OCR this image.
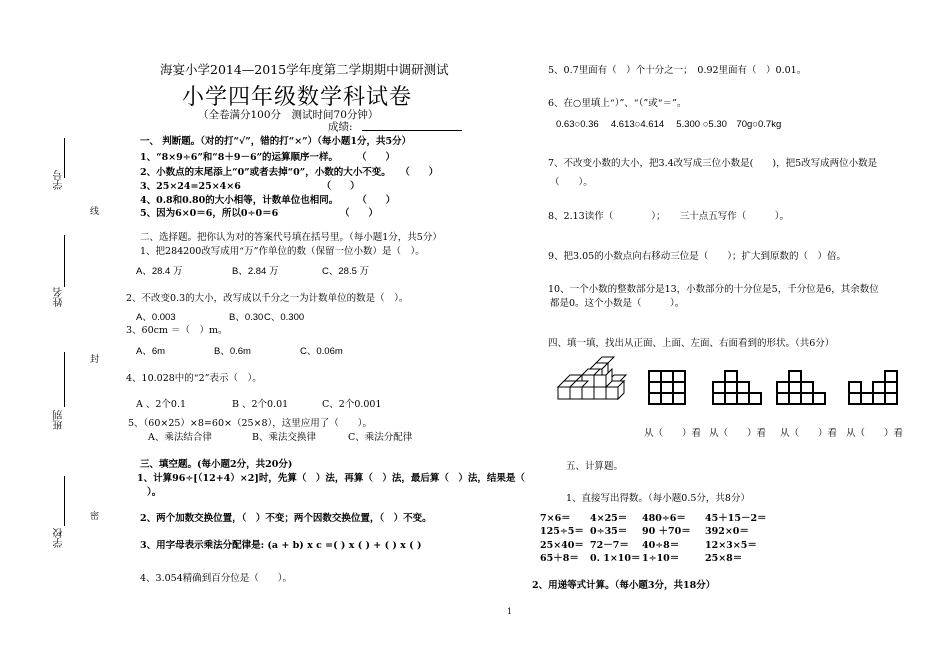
学号
姓名
班别
学校
线
封
密
海宴小学2014—2015学年度第二学期期中调研测试
小学四年级数学科试卷
（全卷满分100分　测试时间70分钟）
成绩:
一、 判断题。（对的打“√”，错的打“×”）（每小题1分，共5分）
1、“8×9÷6”和“8＋9－6”的运算顺序一样。　　　（　　）
2、小数点的末尾添上“0”或者去掉“0”，小数的大小不变。　　（　　）
3、25×24=25×4×6　　　　　　　　　（　　）
4、0.8和0.80的大小相等，计数单位也相同。　　　（　　）
5、因为6×0＝6，所以0÷0＝6　　　　　　　（　　）
二、选择题。把你认为对的答案代号填在括号里。（每小题1分，共5分）
1、把284200改写成用“万”作单位的数（保留一位小数）是（　）。
A、28.4 万	B、2.84 万	C、28.5 万
2、不改变0.3的大小，改写成以千分之一为计数单位的数是（　）。
A、0.003	B、0.30 C、0.300
3、60cm ＝（　）m。
A、6m	B、0.6m	C、0.06m
4、10.028中的“2”表示（　）。
A 、2个0.1	B 、2个0.01	C、2个0.001
5、（60×25）×8=60×（25×8），这里应用了（　　）。
A、乘法结合律	B、乘法交换律	C、乘法分配律
三、填空题。(每小题2分，共20分)
1、计算96÷[（12+4）×2]时，先算（　）法，再算（　）法，最后算（　）法，结果是（
）。
2、两个加数交换位置，（　）不变；两个因数交换位置，（　）不变。
3、用字母表示乘法分配律是: (a + b) x c =( ) x ( ) + ( ) x ( )
4、3.054精确到百分位是（　　）。
5、0.7里面有（　）个十分之一；　0.92里面有（　）0.01。
6、在○里填上“）”、“（”或“＝”。
0.63○0.36　 4.613○4.614　 5.300 ○5.30　70g○0.7kg
7、不改变小数的大小，把3.4改写成三位小数是(　　)，把5改写成两位小数是
（　　）。
8、2.13读作（　　　　）；　　三十点五写作（　　　）。
9、把3.05的小数点向右移动三位是（　　）；扩大到原数的（　）倍。
10、一个小数的整数部分是13，小数部分的十分位是5，千分位是6，其余数位
都是0。这个小数是（　　　）。
四、填一填，找出从正面、上面、左面、右面看到的形状。（共6分）
从（　　）看 从（　　）看 从（　　）看 从（　　）看
五、计算题。
1、直接写出得数。（每小题0.5分，共8分）
7×6＝ 4×25＝ 480÷6＝ 45＋15－2＝
125÷5＝ 0÷35＝ 90 ＋70＝ 392×0＝
25×40＝ 72－7＝ 40÷8＝	12×3×5＝
65＋8＝ 0. 1×10＝ 1÷10＝	25×8＝
2、用递等式计算。（每小题3分，共18分）
1
